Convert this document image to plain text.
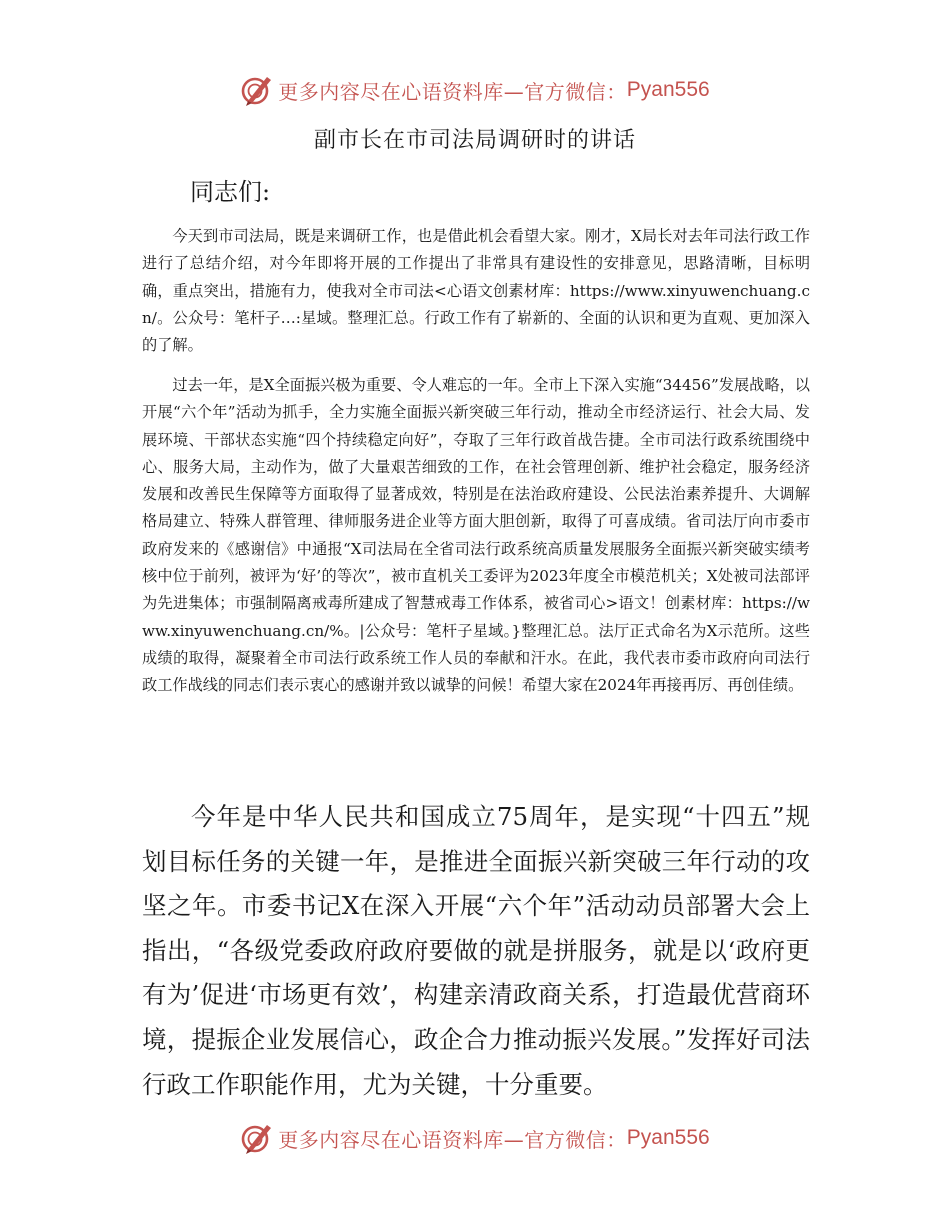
更多内容尽在心语资料库—官方微信： Pyan556
副市长在市司法局调研时的讲话

同志们:

今天到市司法局，既是来调研工作，也是借此机会看望大家。刚才，X局长对去年司法行政工作进行了总结介绍，对今年即将开展的工作提出了非常具有建设性的安排意见，思路清晰，目标明确，重点突出，措施有力，使我对全市司法<心语文创素材库：https://www.xinyuwenchuang.cn/。公众号：笔杆子…:星域。整理汇总。行政工作有了崭新的、全面的认识和更为直观、更加深入的了解。

过去一年，是X全面振兴极为重要、令人难忘的一年。全市上下深入实施“34456”发展战略，以开展“六个年”活动为抓手，全力实施全面振兴新突破三年行动，推动全市经济运行、社会大局、发展环境、干部状态实施“四个持续稳定向好”，夺取了三年行政首战告捷。全市司法行政系统围绕中心、服务大局，主动作为，做了大量艰苦细致的工作，在社会管理创新、维护社会稳定，服务经济发展和改善民生保障等方面取得了显著成效，特别是在法治政府建设、公民法治素养提升、大调解格局建立、特殊人群管理、律师服务进企业等方面大胆创新，取得了可喜成绩。省司法厅向市委市政府发来的《感谢信》中通报“X司法局在全省司法行政系统高质量发展服务全面振兴新突破实绩考核中位于前列，被评为‘好’的等次”，被市直机关工委评为2023年度全市模范机关；X处被司法部评为先进集体；市强制隔离戒毒所建成了智慧戒毒工作体系，被省司心>语文！创素材库：https://www.xinyuwenchuang.cn/%。|公众号：笔杆子星域。}整理汇总。法厅正式命名为X示范所。这些成绩的取得，凝聚着全市司法行政系统工作人员的奉献和汗水。在此，我代表市委市政府向司法行政工作战线的同志们表示衷心的感谢并致以诚挚的问候！希望大家在2024年再接再厉、再创佳绩。

今年是中华人民共和国成立75周年，是实现“十四五”规划目标任务的关键一年，是推进全面振兴新突破三年行动的攻坚之年。市委书记X在深入开展“六个年”活动动员部署大会上指出，“各级党委政府政府要做的就是拼服务，就是以‘政府更有为’促进‘市场更有效’，构建亲清政商关系，打造最优营商环境，提振企业发展信心，政企合力推动振兴发展。”发挥好司法行政工作职能作用，尤为关键，十分重要。

更多内容尽在心语资料库—官方微信： Pyan556
